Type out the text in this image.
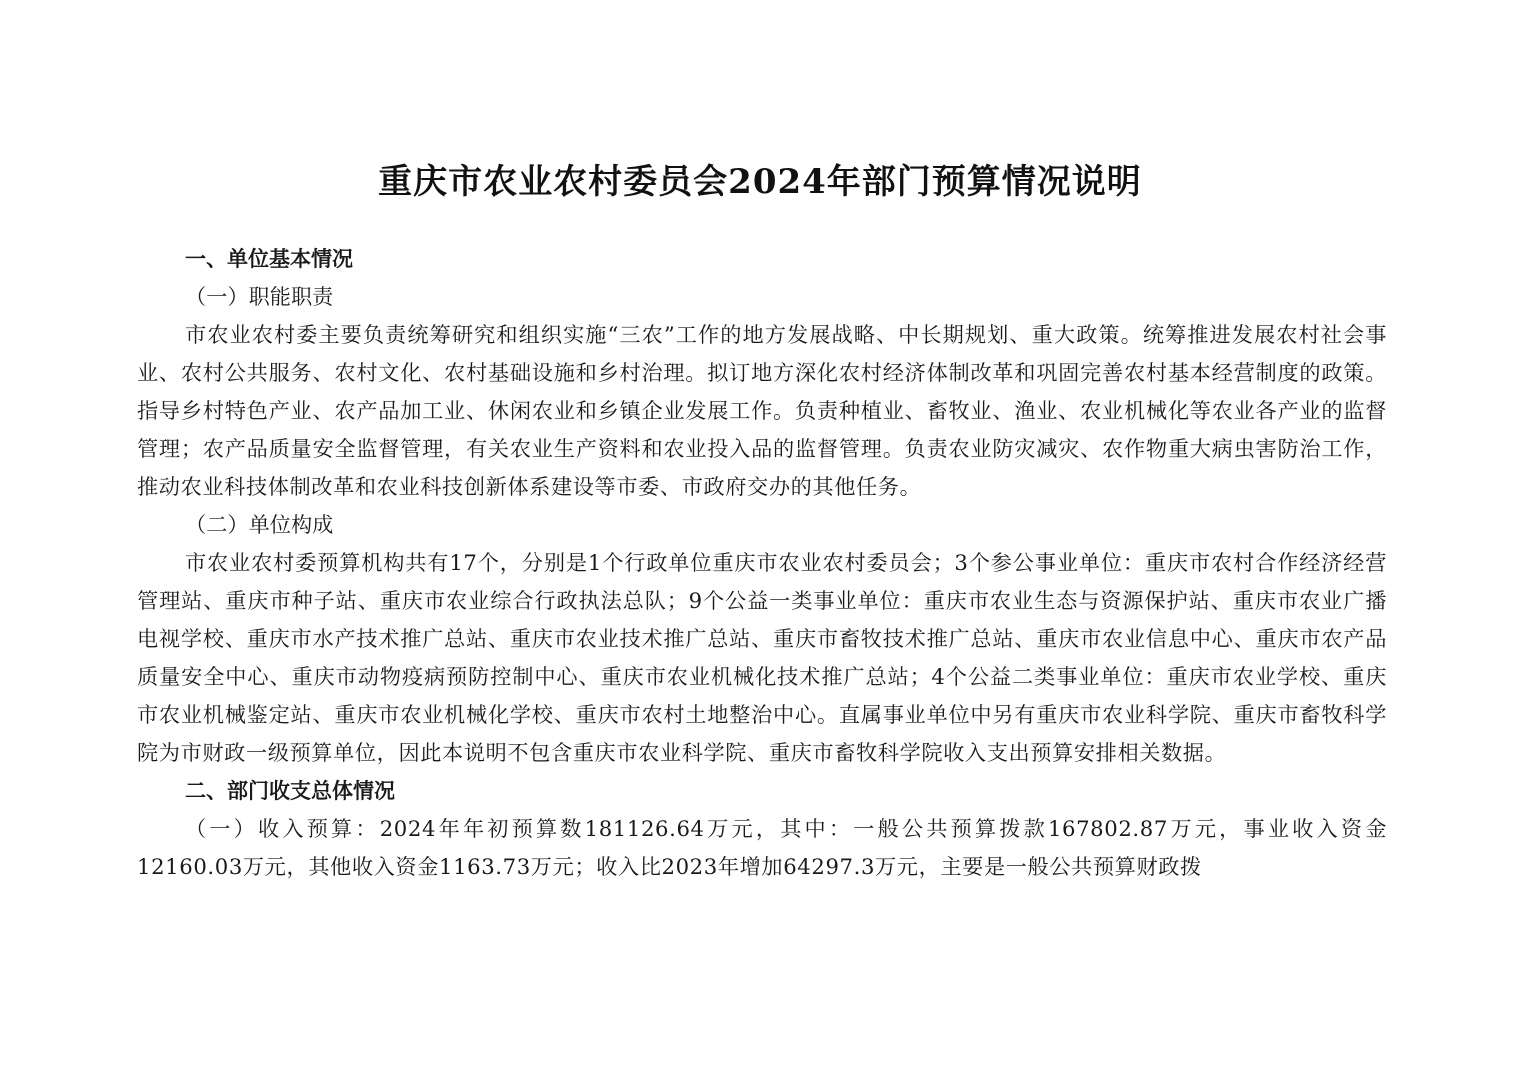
重庆市农业农村委员会2024年部门预算情况说明

一、单位基本情况

（一）职能职责

市农业农村委主要负责统筹研究和组织实施“三农”工作的地方发展战略、中长期规划、重大政策。统筹推进发展农村社会事业、农村公共服务、农村文化、农村基础设施和乡村治理。拟订地方深化农村经济体制改革和巩固完善农村基本经营制度的政策。指导乡村特色产业、农产品加工业、休闲农业和乡镇企业发展工作。负责种植业、畜牧业、渔业、农业机械化等农业各产业的监督管理；农产品质量安全监督管理，有关农业生产资料和农业投入品的监督管理。负责农业防灾减灾、农作物重大病虫害防治工作，推动农业科技体制改革和农业科技创新体系建设等市委、市政府交办的其他任务。

（二）单位构成

市农业农村委预算机构共有17个，分别是1个行政单位重庆市农业农村委员会；3个参公事业单位：重庆市农村合作经济经营管理站、重庆市种子站、重庆市农业综合行政执法总队；9个公益一类事业单位：重庆市农业生态与资源保护站、重庆市农业广播电视学校、重庆市水产技术推广总站、重庆市农业技术推广总站、重庆市畜牧技术推广总站、重庆市农业信息中心、重庆市农产品质量安全中心、重庆市动物疫病预防控制中心、重庆市农业机械化技术推广总站；4个公益二类事业单位：重庆市农业学校、重庆市农业机械鉴定站、重庆市农业机械化学校、重庆市农村土地整治中心。直属事业单位中另有重庆市农业科学院、重庆市畜牧科学院为市财政一级预算单位，因此本说明不包含重庆市农业科学院、重庆市畜牧科学院收入支出预算安排相关数据。

二、部门收支总体情况

（一）收入预算：2024年年初预算数181126.64万元，其中：一般公共预算拨款167802.87万元，事业收入资金12160.03万元，其他收入资金1163.73万元；收入比2023年增加64297.3万元，主要是一般公共预算财政拨
